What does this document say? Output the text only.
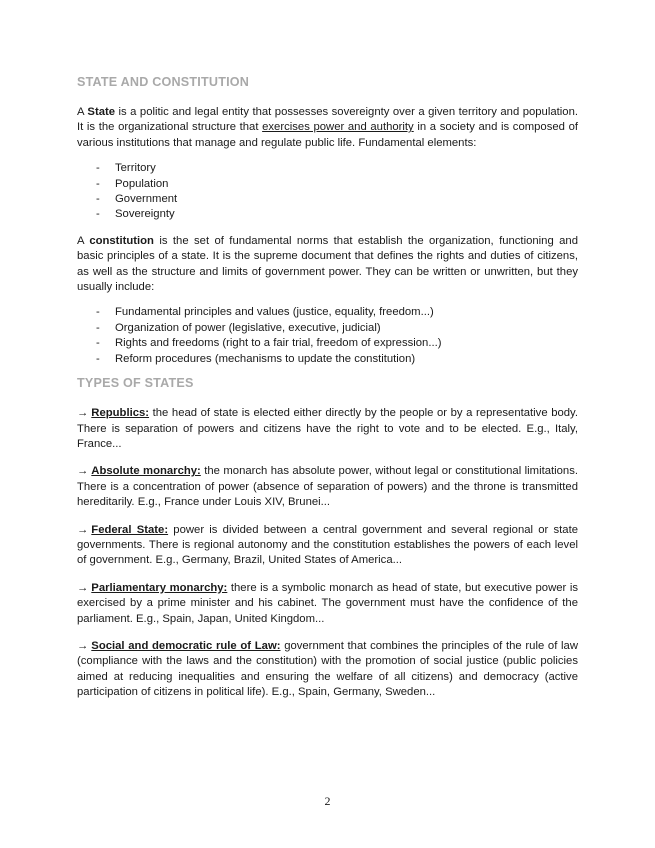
STATE AND CONSTITUTION

A State is a politic and legal entity that possesses sovereignty over a given territory and population. It is the organizational structure that exercises power and authority in a society and is composed of various institutions that manage and regulate public life. Fundamental elements:

- Territory
- Population
- Government
- Sovereignty

A constitution is the set of fundamental norms that establish the organization, functioning and basic principles of a state. It is the supreme document that defines the rights and duties of citizens, as well as the structure and limits of government power. They can be written or unwritten, but they usually include:

- Fundamental principles and values (justice, equality, freedom...)
- Organization of power (legislative, executive, judicial)
- Rights and freedoms (right to a fair trial, freedom of expression...)
- Reform procedures (mechanisms to update the constitution)
TYPES OF STATES

→ Republics: the head of state is elected either directly by the people or by a representative body. There is separation of powers and citizens have the right to vote and to be elected. E.g., Italy, France...

→ Absolute monarchy: the monarch has absolute power, without legal or constitutional limitations. There is a concentration of power (absence of separation of powers) and the throne is transmitted hereditarily. E.g., France under Louis XIV, Brunei...

→ Federal State: power is divided between a central government and several regional or state governments. There is regional autonomy and the constitution establishes the powers of each level of government. E.g., Germany, Brazil, United States of America...

→ Parliamentary monarchy: there is a symbolic monarch as head of state, but executive power is exercised by a prime minister and his cabinet. The government must have the confidence of the parliament. E.g., Spain, Japan, United Kingdom...

→ Social and democratic rule of Law: government that combines the principles of the rule of law (compliance with the laws and the constitution) with the promotion of social justice (public policies aimed at reducing inequalities and ensuring the welfare of all citizens) and democracy (active participation of citizens in political life). E.g., Spain, Germany, Sweden...

2
